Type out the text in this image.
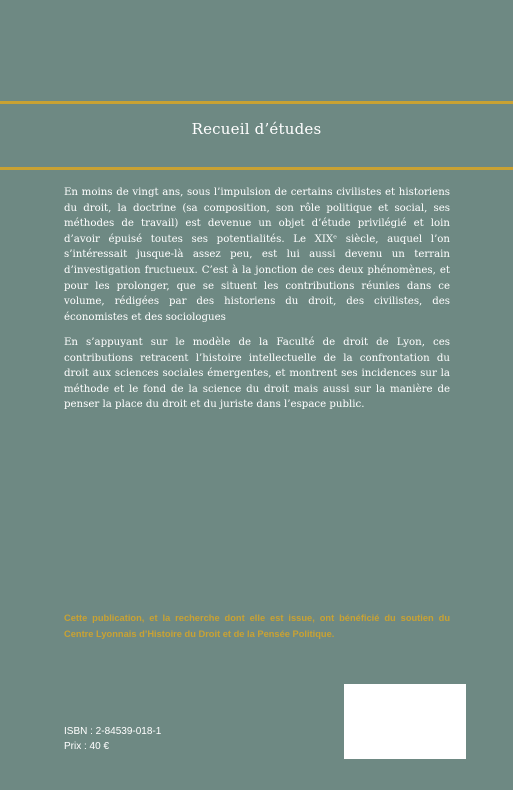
Recueil d’études

En moins de vingt ans, sous l’impulsion de certains civilistes et historiens du droit, la doctrine (sa composition, son rôle politique et social, ses méthodes de travail) est devenue un objet d’étude privilégié et loin d’avoir épuisé toutes ses potentialités. Le XIXᵉ siècle, auquel l’on s’intéressait jusque-là assez peu, est lui aussi devenu un terrain d’investigation fructueux. C’est à la jonction de ces deux phénomènes, et pour les prolonger, que se situent les contributions réunies dans ce volume, rédigées par des historiens du droit, des civilistes, des économistes et des sociologues

En s’appuyant sur le modèle de la Faculté de droit de Lyon, ces contributions retracent l’histoire intellectuelle de la confrontation du droit aux sciences sociales émergentes, et montrent ses incidences sur la méthode et le fond de la science du droit mais aussi sur la manière de penser la place du droit et du juriste dans l’espace public.

Cette publication, et la recherche dont elle est issue, ont bénéficié du soutien du Centre Lyonnais d’Histoire du Droit et de la Pensée Politique.

ISBN : 2-84539-018-1
Prix : 40 €
